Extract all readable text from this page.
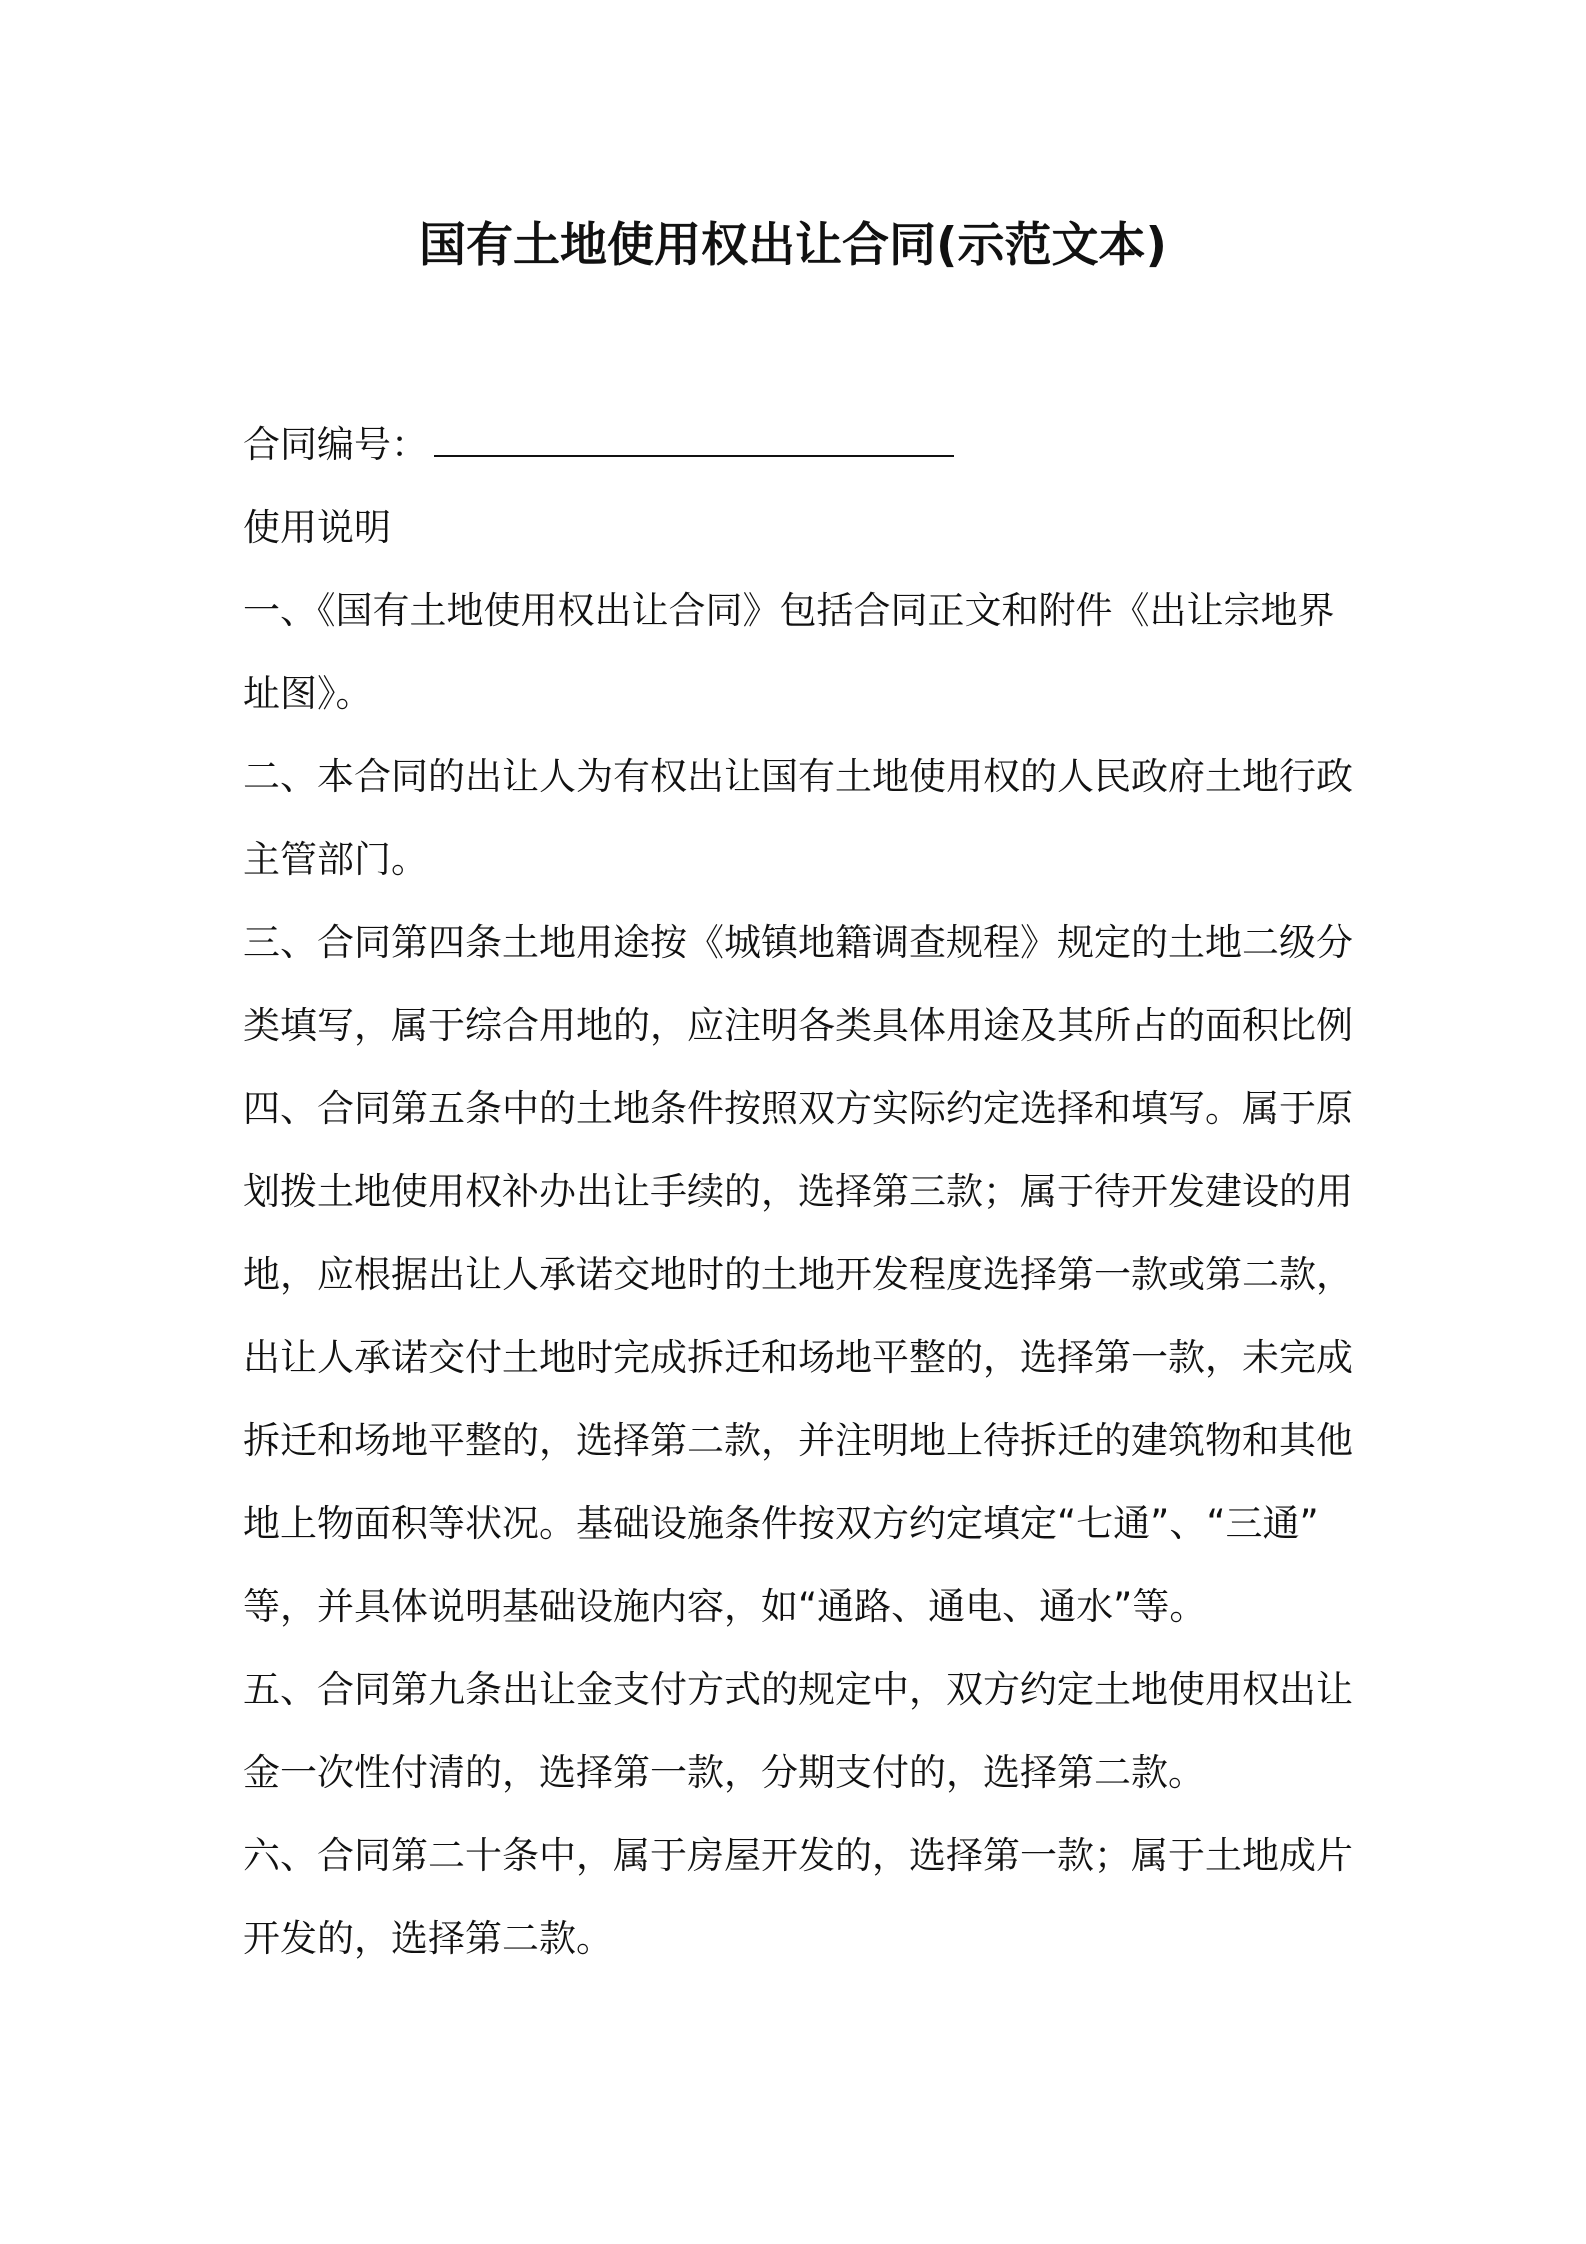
国有土地使用权出让合同(示范文本)
合同编号：
使用说明
一、《国有土地使用权出让合同》包括合同正文和附件《出让宗地界
址图》。
二、本合同的出让人为有权出让国有土地使用权的人民政府土地行政
主管部门。
三、合同第四条土地用途按《城镇地籍调查规程》规定的土地二级分
类填写，属于综合用地的，应注明各类具体用途及其所占的面积比例
四、合同第五条中的土地条件按照双方实际约定选择和填写。属于原
划拨土地使用权补办出让手续的，选择第三款；属于待开发建设的用
地，应根据出让人承诺交地时的土地开发程度选择第一款或第二款，
出让人承诺交付土地时完成拆迁和场地平整的，选择第一款，未完成
拆迁和场地平整的，选择第二款，并注明地上待拆迁的建筑物和其他
地上物面积等状况。基础设施条件按双方约定填定“七通”、“三通”
等，并具体说明基础设施内容，如“通路、通电、通水”等。
五、合同第九条出让金支付方式的规定中，双方约定土地使用权出让
金一次性付清的，选择第一款，分期支付的，选择第二款。
六、合同第二十条中，属于房屋开发的，选择第一款；属于土地成片
开发的，选择第二款。
